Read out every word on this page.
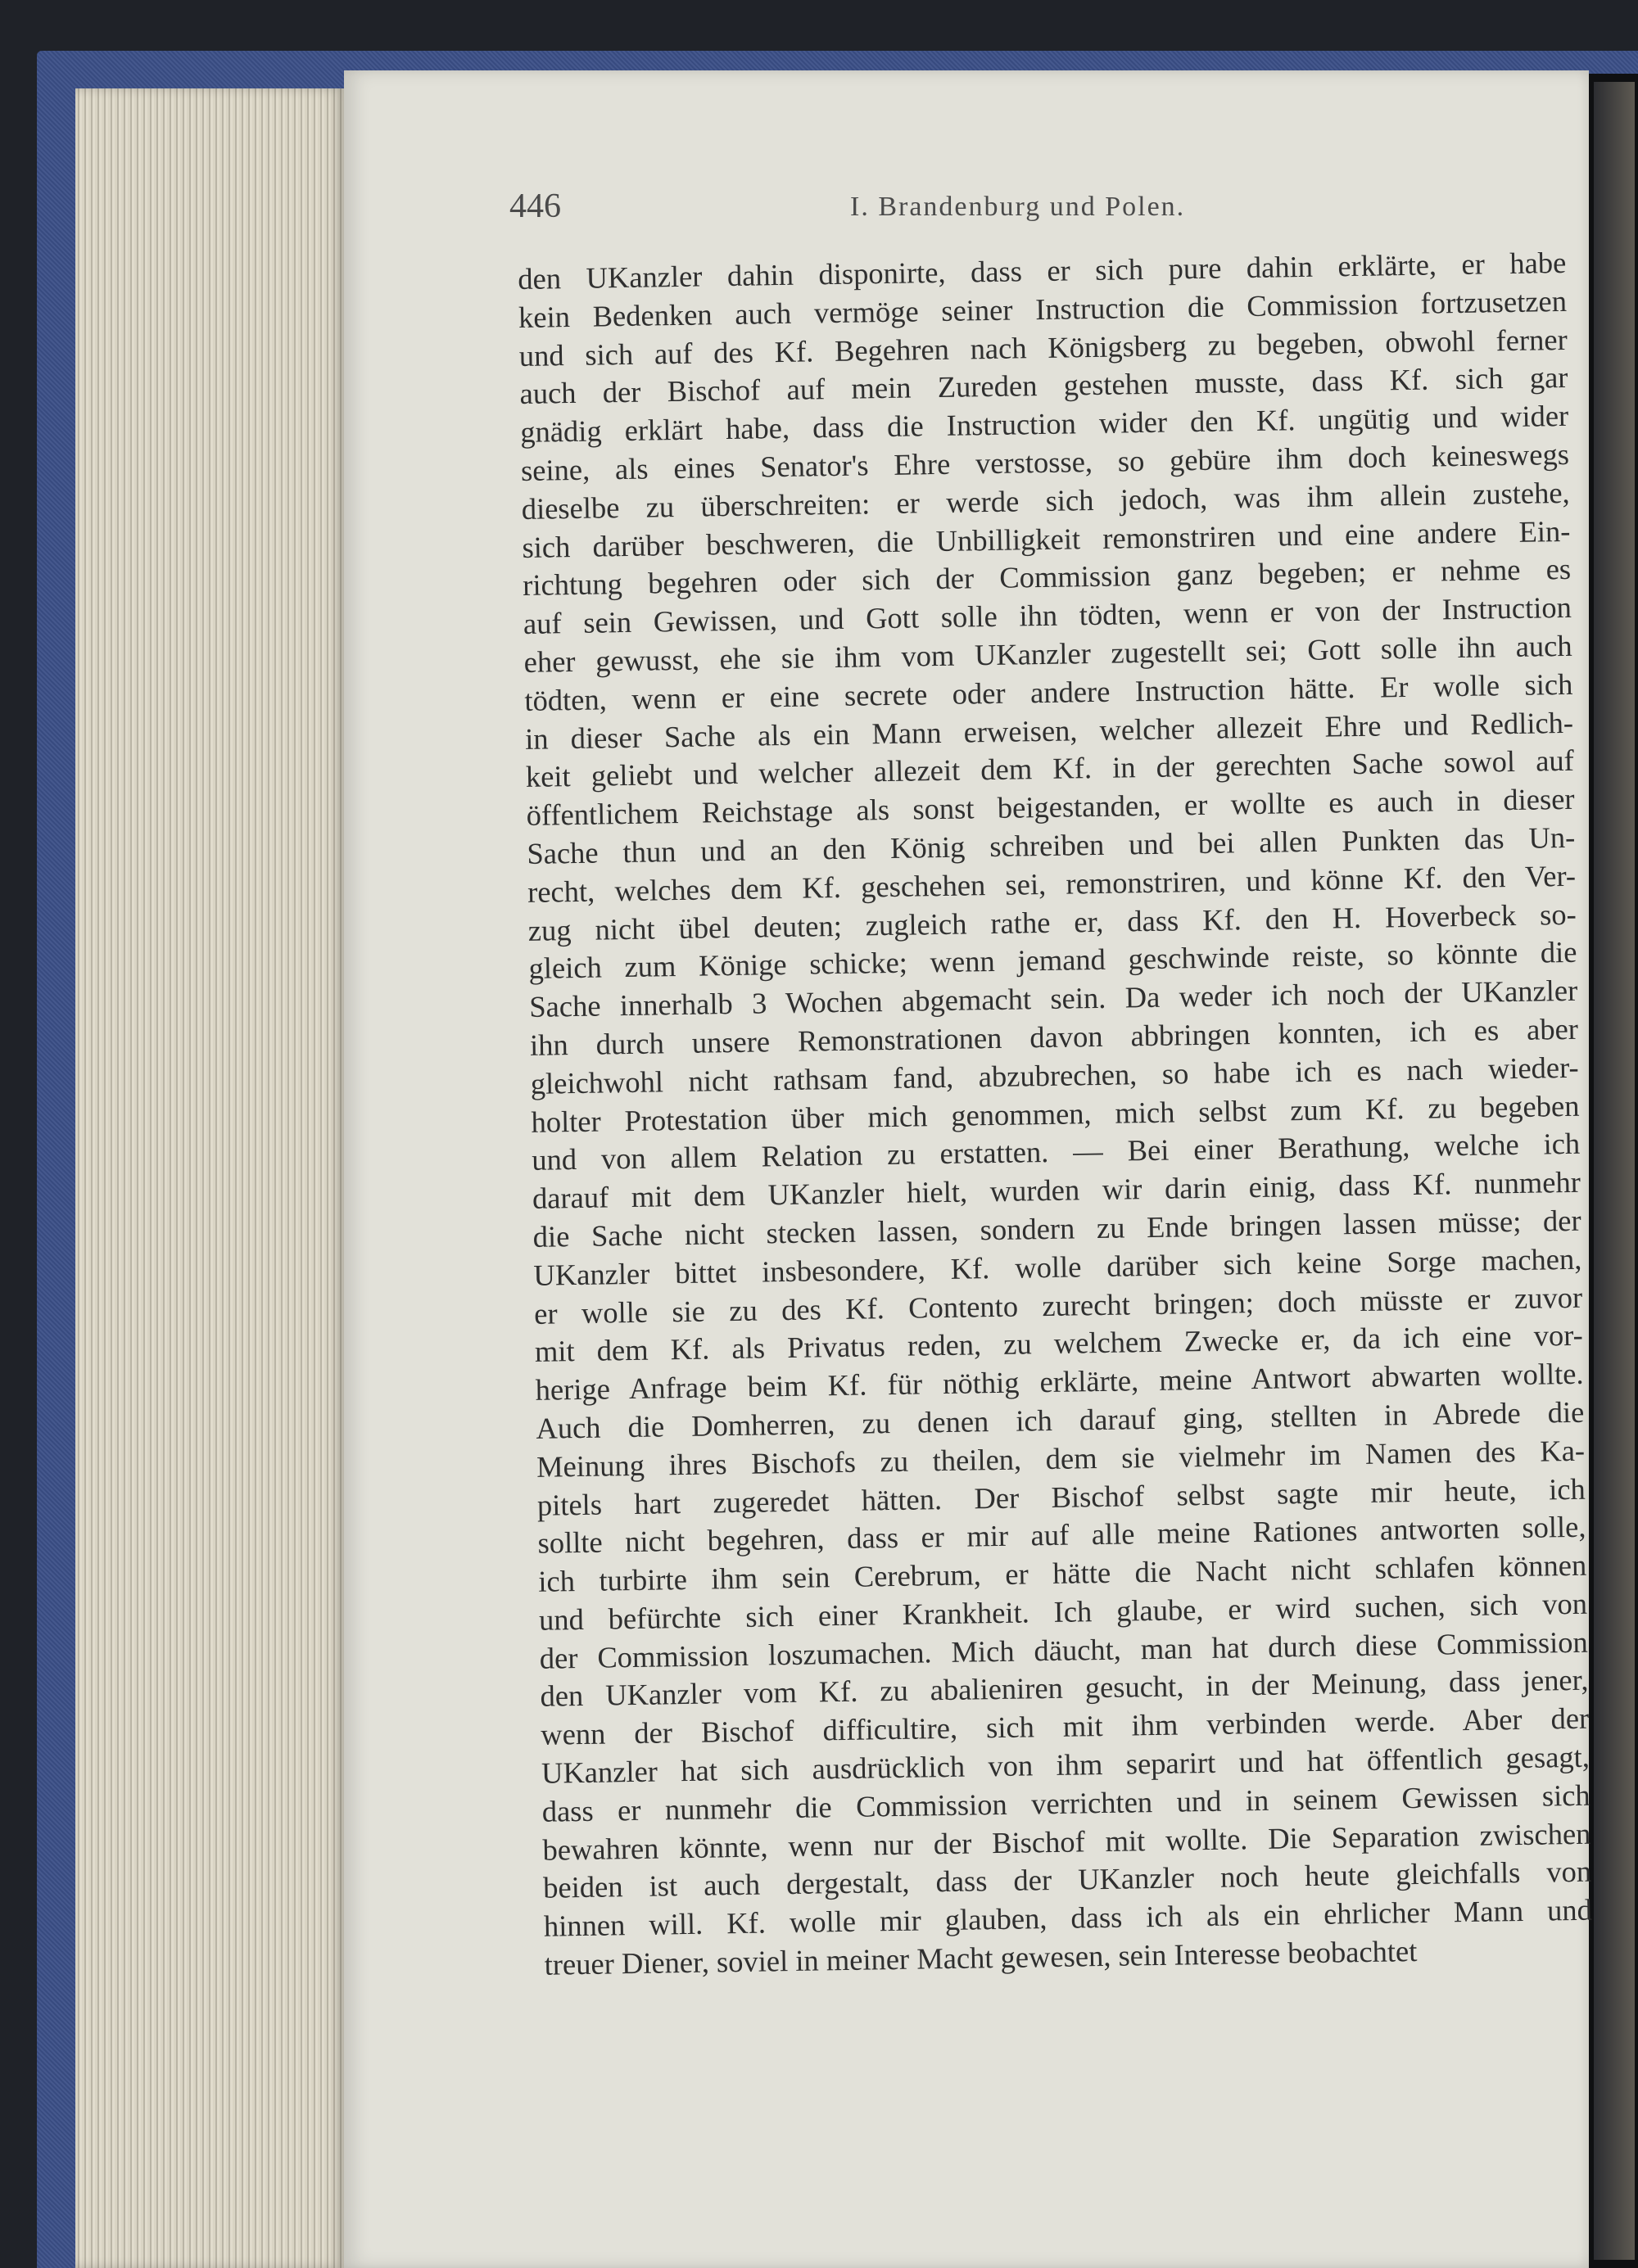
446	I. Brandenburg und Polen.
den UKanzler dahin disponirte, dass er sich pure dahin erklärte, er habe
kein Bedenken auch vermöge seiner Instruction die Commission fortzusetzen
und sich auf des Kf. Begehren nach Königsberg zu begeben, obwohl ferner
auch der Bischof auf mein Zureden gestehen musste, dass Kf. sich gar
gnädig erklärt habe, dass die Instruction wider den Kf. ungütig und wider
seine, als eines Senator's Ehre verstosse, so gebüre ihm doch keineswegs
dieselbe zu überschreiten: er werde sich jedoch, was ihm allein zustehe,
sich darüber beschweren, die Unbilligkeit remonstriren und eine andere Ein-
richtung begehren oder sich der Commission ganz begeben; er nehme es
auf sein Gewissen, und Gott solle ihn tödten, wenn er von der Instruction
eher gewusst, ehe sie ihm vom UKanzler zugestellt sei; Gott solle ihn auch
tödten, wenn er eine secrete oder andere Instruction hätte. Er wolle sich
in dieser Sache als ein Mann erweisen, welcher allezeit Ehre und Redlich-
keit geliebt und welcher allezeit dem Kf. in der gerechten Sache sowol auf
öffentlichem Reichstage als sonst beigestanden, er wollte es auch in dieser
Sache thun und an den König schreiben und bei allen Punkten das Un-
recht, welches dem Kf. geschehen sei, remonstriren, und könne Kf. den Ver-
zug nicht übel deuten; zugleich rathe er, dass Kf. den H. Hoverbeck so-
gleich zum Könige schicke; wenn jemand geschwinde reiste, so könnte die
Sache innerhalb 3 Wochen abgemacht sein. Da weder ich noch der UKanzler
ihn durch unsere Remonstrationen davon abbringen konnten, ich es aber
gleichwohl nicht rathsam fand, abzubrechen, so habe ich es nach wieder-
holter Protestation über mich genommen, mich selbst zum Kf. zu begeben
und von allem Relation zu erstatten. — Bei einer Berathung, welche ich
darauf mit dem UKanzler hielt, wurden wir darin einig, dass Kf. nunmehr
die Sache nicht stecken lassen, sondern zu Ende bringen lassen müsse; der
UKanzler bittet insbesondere, Kf. wolle darüber sich keine Sorge machen,
er wolle sie zu des Kf. Contento zurecht bringen; doch müsste er zuvor
mit dem Kf. als Privatus reden, zu welchem Zwecke er, da ich eine vor-
herige Anfrage beim Kf. für nöthig erklärte, meine Antwort abwarten wollte.
Auch die Domherren, zu denen ich darauf ging, stellten in Abrede die
Meinung ihres Bischofs zu theilen, dem sie vielmehr im Namen des Ka-
pitels hart zugeredet hätten. Der Bischof selbst sagte mir heute, ich
sollte nicht begehren, dass er mir auf alle meine Rationes antworten solle,
ich turbirte ihm sein Cerebrum, er hätte die Nacht nicht schlafen können
und befürchte sich einer Krankheit. Ich glaube, er wird suchen, sich von
der Commission loszumachen. Mich däucht, man hat durch diese Commission
den UKanzler vom Kf. zu abalieniren gesucht, in der Meinung, dass jener,
wenn der Bischof difficultire, sich mit ihm verbinden werde. Aber der
UKanzler hat sich ausdrücklich von ihm separirt und hat öffentlich gesagt,
dass er nunmehr die Commission verrichten und in seinem Gewissen sich
bewahren könnte, wenn nur der Bischof mit wollte. Die Separation zwischen
beiden ist auch dergestalt, dass der UKanzler noch heute gleichfalls von
hinnen will. Kf. wolle mir glauben, dass ich als ein ehrlicher Mann und
treuer Diener, soviel in meiner Macht gewesen, sein Interesse beobachtet
